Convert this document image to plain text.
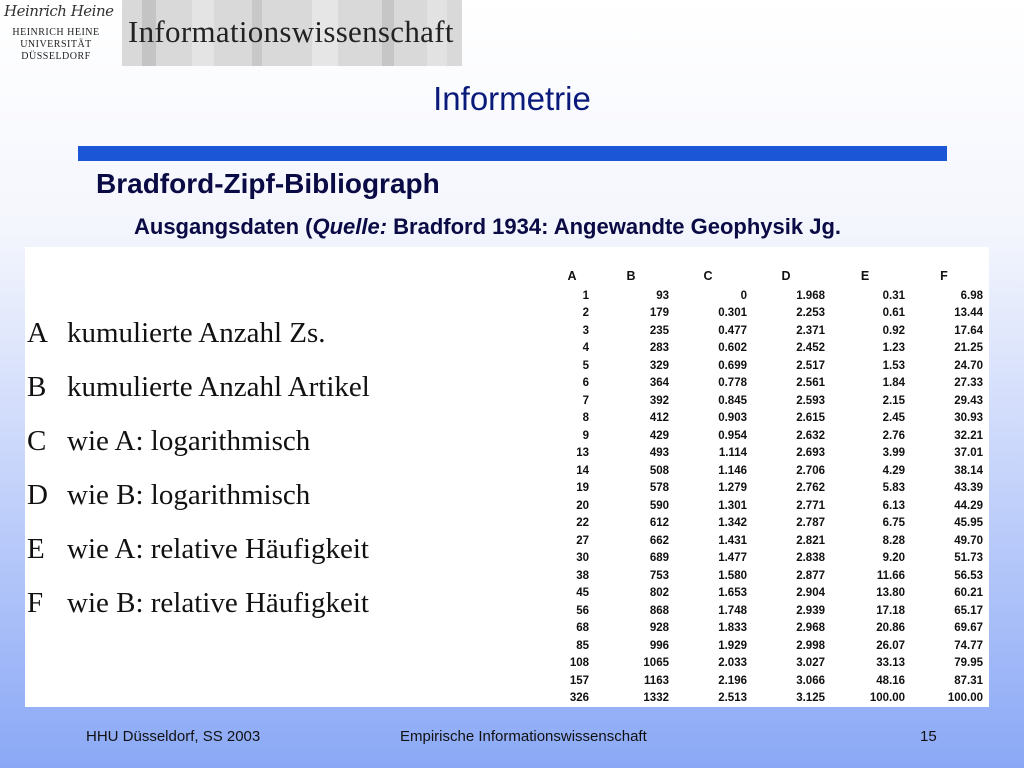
Heinrich Heine
HEINRICH HEINE
UNIVERSITÄT
DÜSSELDORF
Informationswissenschaft
Informetrie
Bradford-Zipf-Bibliograph
Ausgangsdaten (Quelle: Bradford 1934: Angewandte Geophysik Jg.
A kumulierte Anzahl Zs.
B kumulierte Anzahl Artikel
C wie A: logarithmisch
D wie B: logarithmisch
E wie A: relative Häufigkeit
F wie B: relative Häufigkeit
A	B	C	D	E	F
1	93	0	1.968	0.31	6.98
2	179	0.301	2.253	0.61	13.44
3	235	0.477	2.371	0.92	17.64
4	283	0.602	2.452	1.23	21.25
5	329	0.699	2.517	1.53	24.70
6	364	0.778	2.561	1.84	27.33
7	392	0.845	2.593	2.15	29.43
8	412	0.903	2.615	2.45	30.93
9	429	0.954	2.632	2.76	32.21
13	493	1.114	2.693	3.99	37.01
14	508	1.146	2.706	4.29	38.14
19	578	1.279	2.762	5.83	43.39
20	590	1.301	2.771	6.13	44.29
22	612	1.342	2.787	6.75	45.95
27	662	1.431	2.821	8.28	49.70
30	689	1.477	2.838	9.20	51.73
38	753	1.580	2.877	11.66	56.53
45	802	1.653	2.904	13.80	60.21
56	868	1.748	2.939	17.18	65.17
68	928	1.833	2.968	20.86	69.67
85	996	1.929	2.998	26.07	74.77
108	1065	2.033	3.027	33.13	79.95
157	1163	2.196	3.066	48.16	87.31
326	1332	2.513	3.125	100.00	100.00
HHU Düsseldorf, SS 2003	Empirische Informationswissenschaft	15
